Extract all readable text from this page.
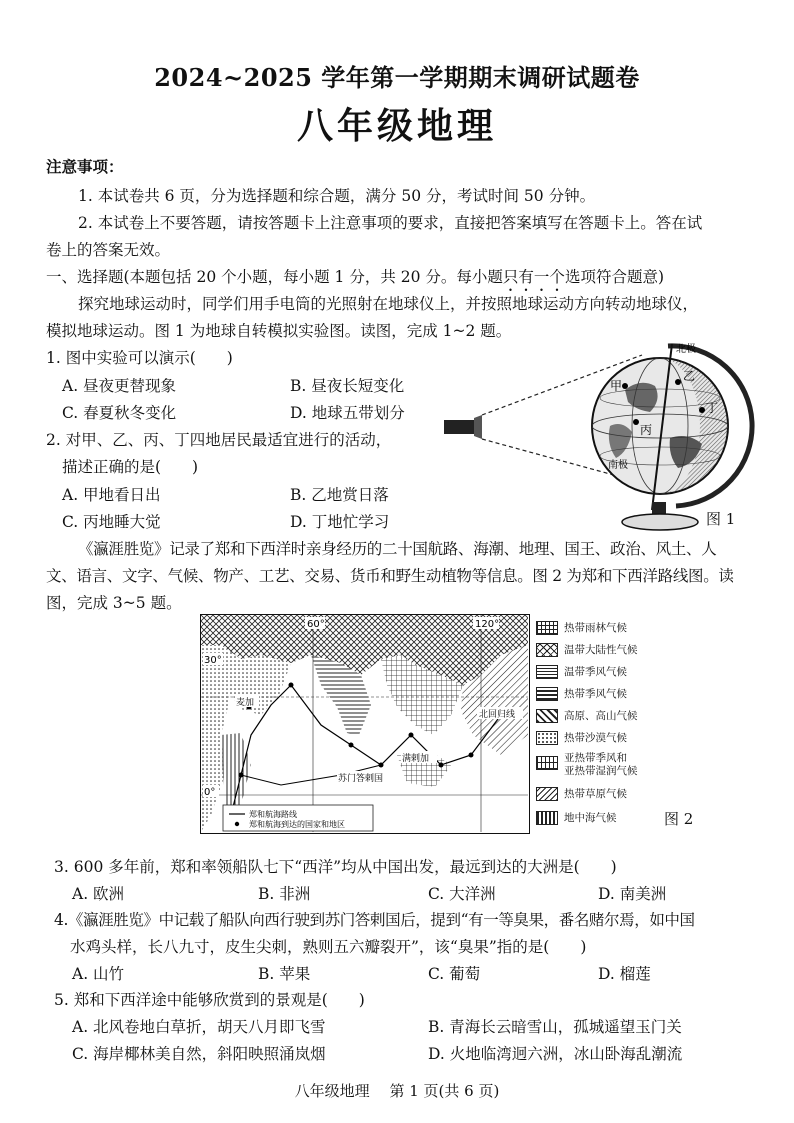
2024~2025 学年第一学期期末调研试题卷
八年级地理
注意事项：
1. 本试卷共 6 页，分为选择题和综合题，满分 50 分，考试时间 50 分钟。
2. 本试卷上不要答题，请按答题卡上注意事项的要求，直接把答案填写在答题卡上。答在试
卷上的答案无效。
一、选择题(本题包括 20 个小题，每小题 1 分，共 20 分。每小题只有一个选项符合题意)
探究地球运动时，同学们用手电筒的光照射在地球仪上，并按照地球运动方向转动地球仪，
模拟地球运动。图 1 为地球自转模拟实验图。读图，完成 1~2 题。
1. 图中实验可以演示(　　)
A. 昼夜更替现象	B. 昼夜长短变化
C. 春夏秋冬变化	D. 地球五带划分
2. 对甲、乙、丙、丁四地居民最适宜进行的活动，
描述正确的是(　　)
A. 甲地看日出	B. 乙地赏日落
C. 丙地睡大觉	D. 丁地忙学习
北极
甲
乙
丙
丁
南极
图 1
《瀛涯胜览》记录了郑和下西洋时亲身经历的二十国航路、海潮、地理、国王、政治、风土、人
文、语言、文字、气候、物产、工艺、交易、货币和野生动植物等信息。图 2 为郑和下西洋路线图。读
图，完成 3~5 题。
60°	120°
30°
0°
北回归线
麦加
苏门答剌国
满剌加
郑和航海路线
郑和航海到达的国家和地区
热带雨林气候
温带大陆性气候
温带季风气候
热带季风气候
高原、高山气候
热带沙漠气候
亚热带季风和
亚热带湿润气候
热带草原气候
地中海气候	图 2
3. 600 多年前，郑和率领船队七下“西洋”均从中国出发，最远到达的大洲是(　　)
A. 欧洲	B. 非洲	C. 大洋洲	D. 南美洲
4.《瀛涯胜览》中记载了船队向西行驶到苏门答剌国后，提到“有一等臭果，番名赌尔焉，如中国
水鸡头样，长八九寸，皮生尖刺，熟则五六瓣裂开”，该“臭果”指的是(　　)
A. 山竹	B. 苹果	C. 葡萄	D. 榴莲
5. 郑和下西洋途中能够欣赏到的景观是(　　)
A. 北风卷地白草折，胡天八月即飞雪	B. 青海长云暗雪山，孤城遥望玉门关
C. 海岸椰林美自然，斜阳映照涌岚烟	D. 火地临湾迥六洲，冰山卧海乱潮流
八年级地理　 第 1 页(共 6 页)
